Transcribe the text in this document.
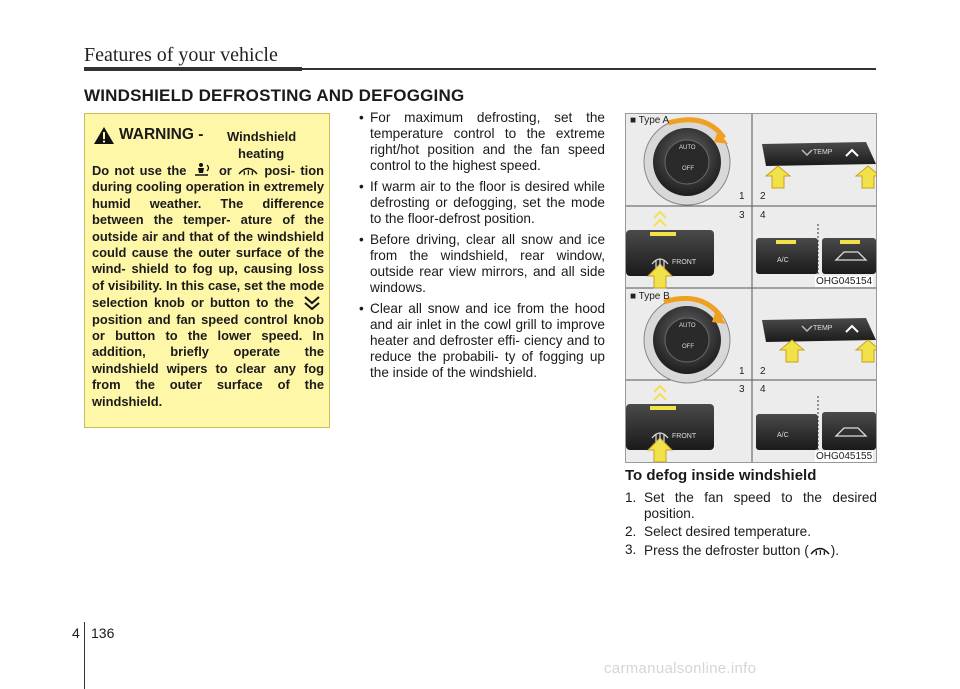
Features of your vehicle
WINDSHIELD DEFROSTING AND DEFOGGING
WARNING - Windshield
heating
Do not use the	or	posi- tion during cooling operation in extremely humid weather. The difference between the temper- ature of the outside air and that of the windshield could cause the outer surface of the wind- shield to fog up, causing loss of visibility. In this case, set the mode selection knob or button to the  position and fan speed control knob or button to the lower speed. In addition, briefly operate the windshield wipers to clear any fog from the outer surface of the windshield.
• For maximum defrosting, set the temperature control to the extreme right/hot position and the fan speed control to the highest speed.
• If warm air to the floor is desired while defrosting or defogging, set the mode to the floor-defrost position.
• Before driving, clear all snow and ice from the windshield, rear window, outside rear view mirrors, and all side windows.
• Clear all snow and ice from the hood and air inlet in the cowl grill to improve heater and defroster effi- ciency and to reduce the probabili- ty of fogging up the inside of the windshield.
■ Type A
■ Type B
AUTO
OFF
AUTO
OFF
TEMP
TEMP
FRONT
FRONT
A/C
A/C
1 2
3 4
1 2
3 4
OHG045154
OHG045155
To defog inside windshield
1. Set the fan speed to the desired position.
2. Select desired temperature.
3. Press the defroster button ( ).
4 136
carmanualsonline.info
